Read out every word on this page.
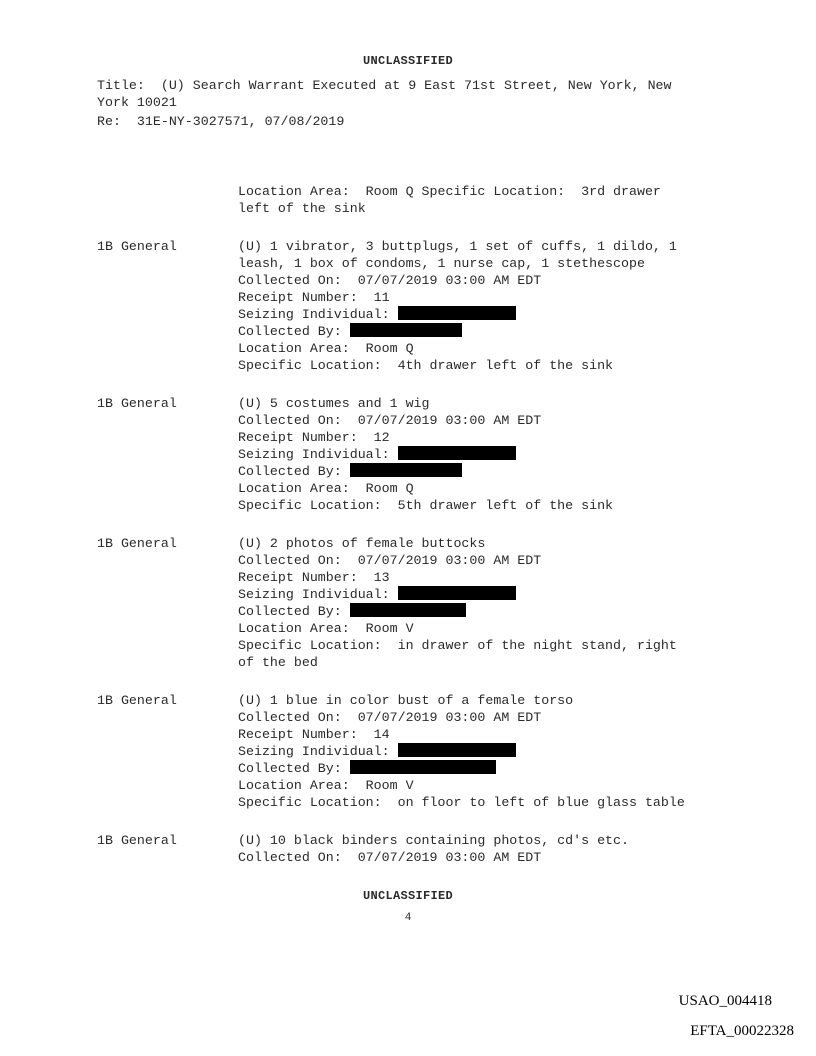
UNCLASSIFIED
Title:  (U) Search Warrant Executed at 9 East 71st Street, New York, New
York 10021
Re:  31E-NY-3027571, 07/08/2019
Location Area:  Room Q Specific Location:  3rd drawer
left of the sink
1B General	(U) 1 vibrator, 3 buttplugs, 1 set of cuffs, 1 dildo, 1
leash, 1 box of condoms, 1 nurse cap, 1 stethescope
Collected On:  07/07/2019 03:00 AM EDT
Receipt Number:  11
Seizing Individual:
Collected By:
Location Area:  Room Q
Specific Location:  4th drawer left of the sink
1B General	(U) 5 costumes and 1 wig
Collected On:  07/07/2019 03:00 AM EDT
Receipt Number:  12
Seizing Individual:
Collected By:
Location Area:  Room Q
Specific Location:  5th drawer left of the sink
1B General	(U) 2 photos of female buttocks
Collected On:  07/07/2019 03:00 AM EDT
Receipt Number:  13
Seizing Individual:
Collected By:
Location Area:  Room V
Specific Location:  in drawer of the night stand, right
of the bed
1B General	(U) 1 blue in color bust of a female torso
Collected On:  07/07/2019 03:00 AM EDT
Receipt Number:  14
Seizing Individual:
Collected By:
Location Area:  Room V
Specific Location:  on floor to left of blue glass table
1B General	(U) 10 black binders containing photos, cd's etc.
Collected On:  07/07/2019 03:00 AM EDT
UNCLASSIFIED
4
USAO_004418
EFTA_00022328
